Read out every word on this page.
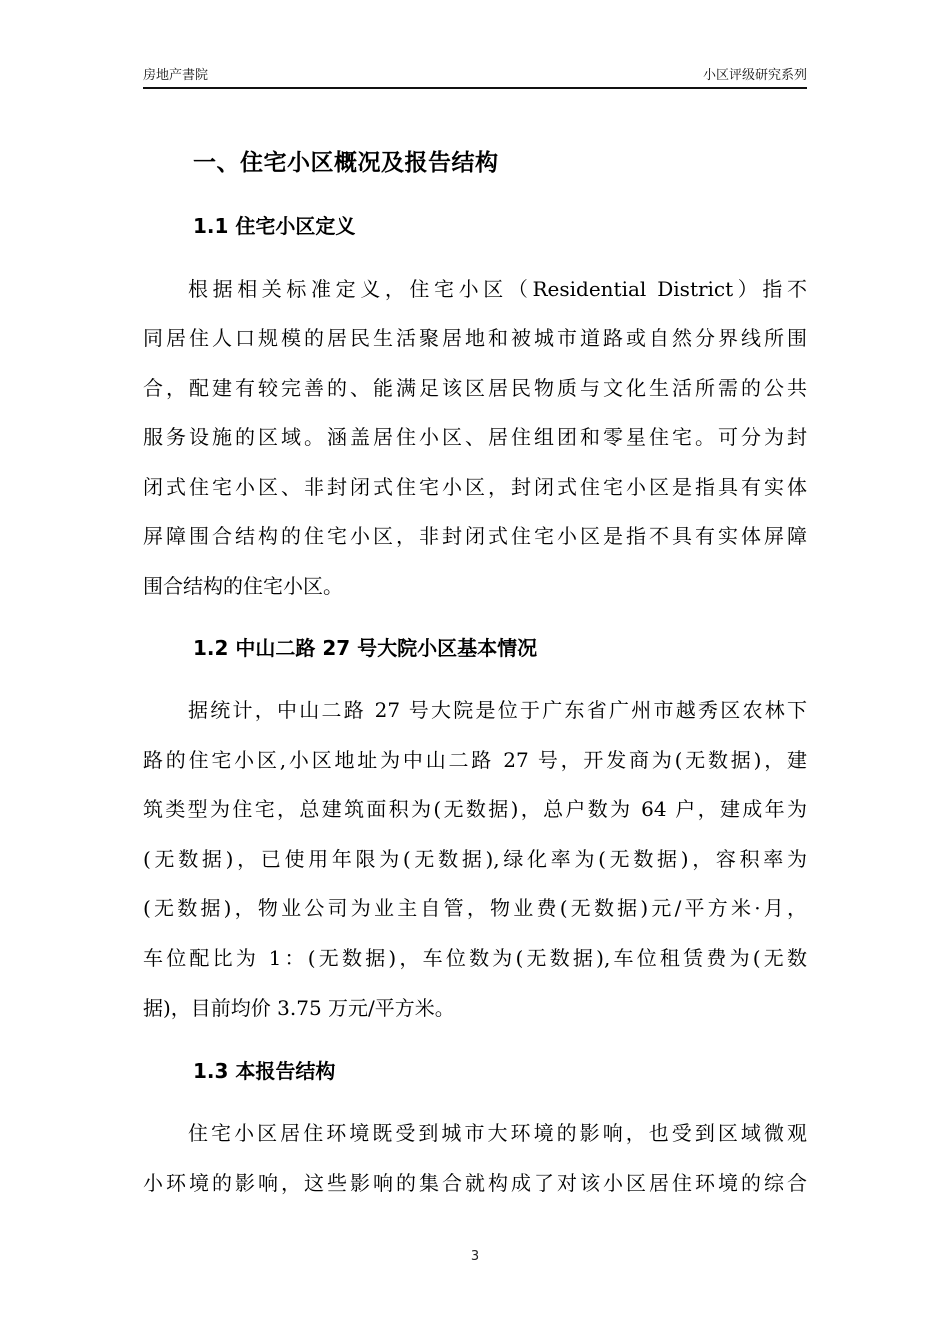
房地产書院	小区评级研究系列
一、住宅小区概况及报告结构
1.1 住宅小区定义
根据相关标准定义，住宅小区（Residential District）指不
同居住人口规模的居民生活聚居地和被城市道路或自然分界线所围
合，配建有较完善的、能满足该区居民物质与文化生活所需的公共
服务设施的区域。涵盖居住小区、居住组团和零星住宅。可分为封
闭式住宅小区、非封闭式住宅小区，封闭式住宅小区是指具有实体
屏障围合结构的住宅小区，非封闭式住宅小区是指不具有实体屏障
围合结构的住宅小区。
1.2 中山二路 27 号大院小区基本情况
据统计，中山二路 27 号大院是位于广东省广州市越秀区农林下
路的住宅小区,小区地址为中山二路 27 号，开发商为(无数据)，建
筑类型为住宅，总建筑面积为(无数据)，总户数为 64 户，建成年为
(无数据)，已使用年限为(无数据),绿化率为(无数据)，容积率为
(无数据)，物业公司为业主自管，物业费(无数据)元/平方米·月，
车位配比为 1：(无数据)，车位数为(无数据),车位租赁费为(无数
据)，目前均价 3.75 万元/平方米。
1.3 本报告结构
住宅小区居住环境既受到城市大环境的影响，也受到区域微观
小环境的影响，这些影响的集合就构成了对该小区居住环境的综合
3
